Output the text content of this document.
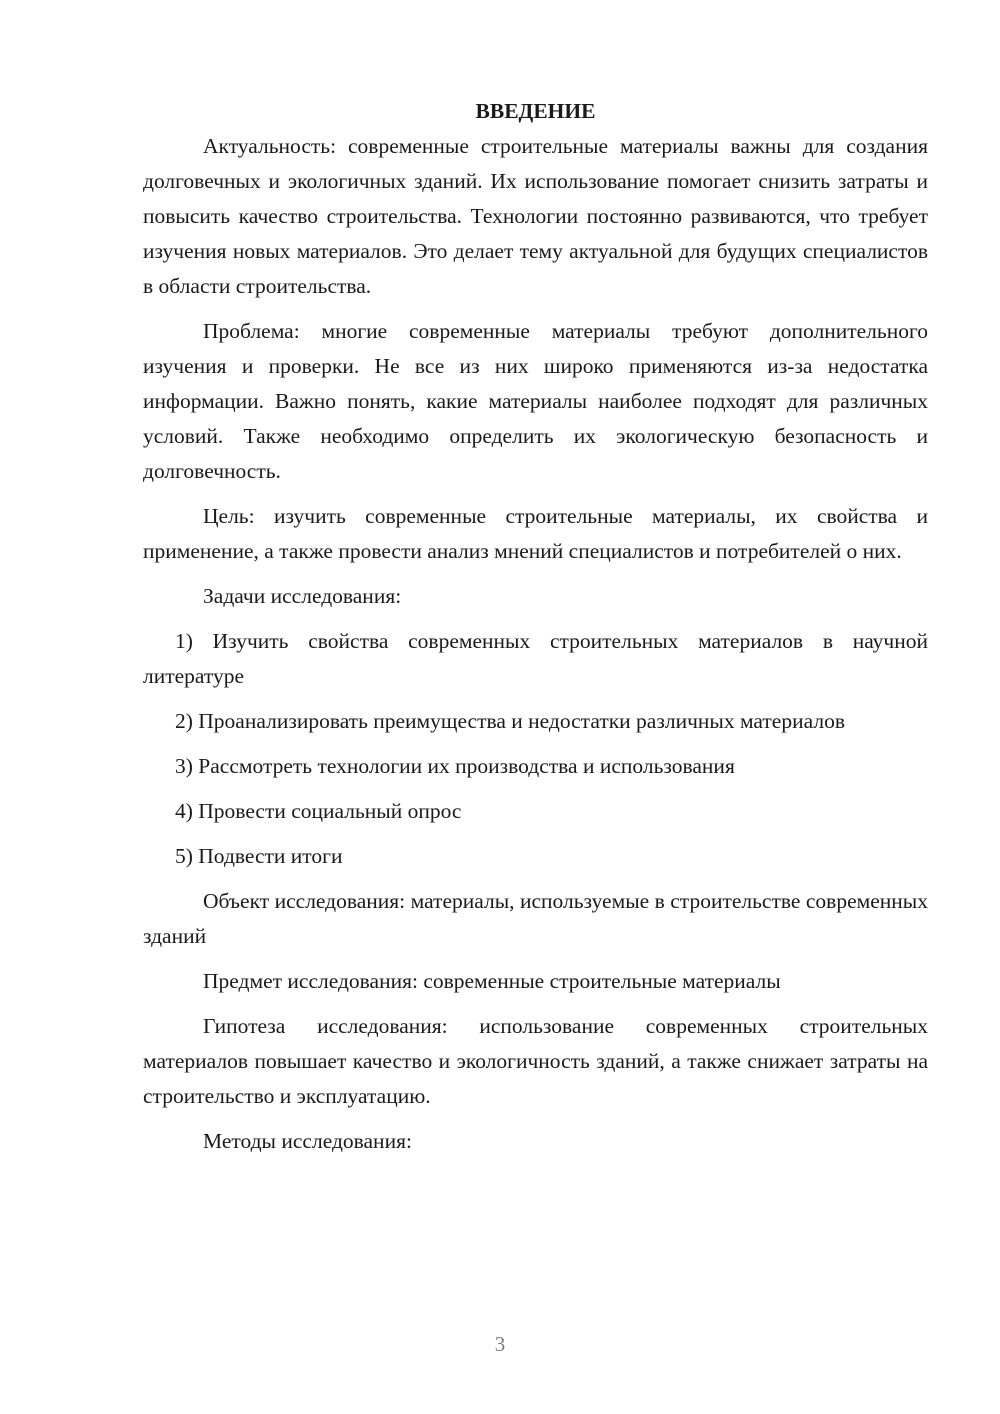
ВВЕДЕНИЕ

Актуальность: современные строительные материалы важны для создания долговечных и экологичных зданий. Их использование помогает снизить затраты и повысить качество строительства. Технологии постоянно развиваются, что требует изучения новых материалов. Это делает тему актуальной для будущих специалистов в области строительства.

Проблема: многие современные материалы требуют дополнительного изучения и проверки. Не все из них широко применяются из-за недостатка информации. Важно понять, какие материалы наиболее подходят для различных условий. Также необходимо определить их экологическую безопасность и долговечность.

Цель: изучить современные строительные материалы, их свойства и применение, а также провести анализ мнений специалистов и потребителей о них.

Задачи исследования:

1) Изучить свойства современных строительных материалов в научной литературе

2) Проанализировать преимущества и недостатки различных материалов

3) Рассмотреть технологии их производства и использования

4) Провести социальный опрос

5) Подвести итоги

Объект исследования: материалы, используемые в строительстве современных зданий

Предмет исследования: современные строительные материалы

Гипотеза исследования: использование современных строительных материалов повышает качество и экологичность зданий, а также снижает затраты на строительство и эксплуатацию.

Методы исследования:

3
